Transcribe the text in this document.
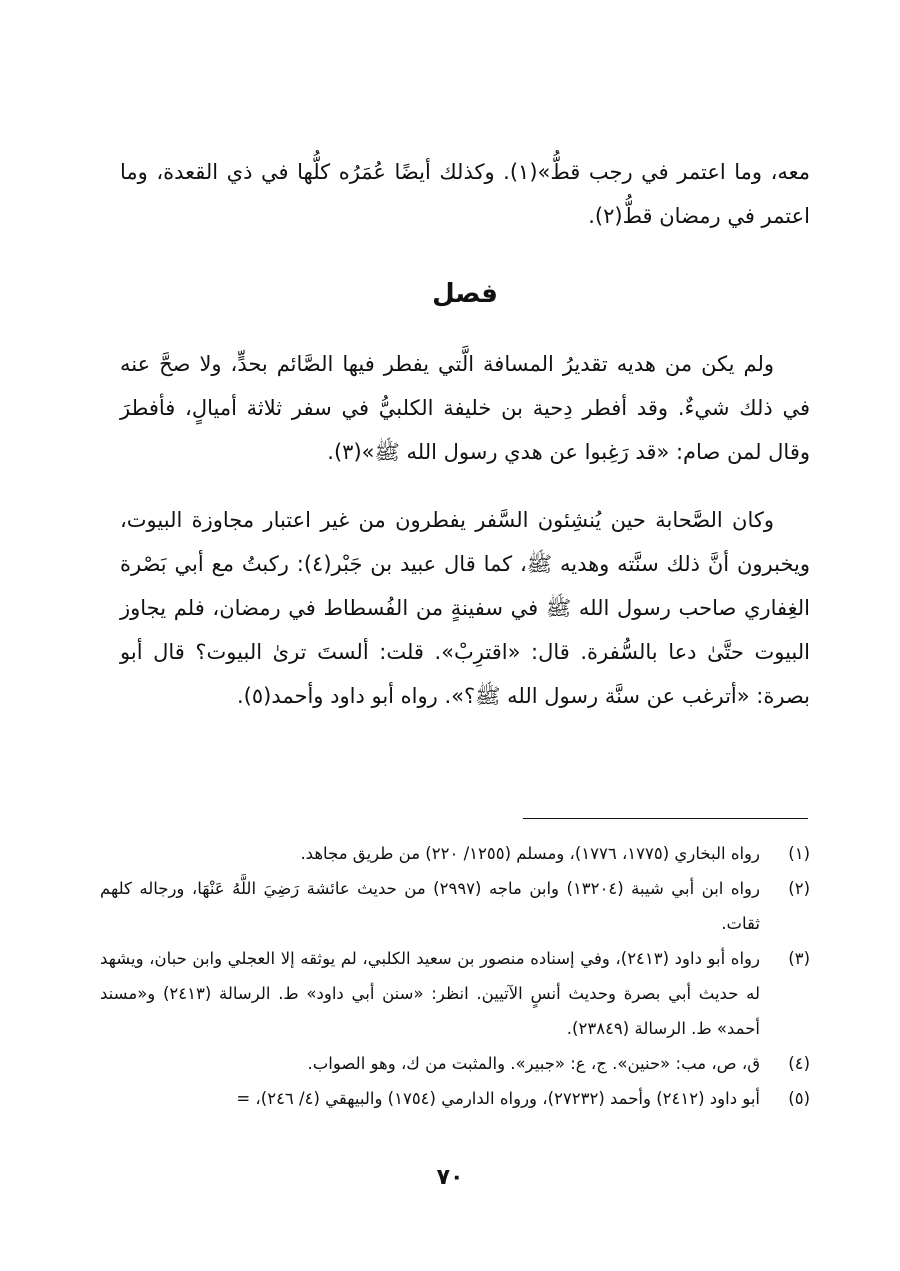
معه، وما اعتمر في رجب قطُّ»(١). وكذلك أيضًا عُمَرُه كلُّها في ذي القعدة، وما اعتمر في رمضان قطُّ(٢).

فصل

ولم يكن من هديه تقديرُ المسافة الَّتي يفطر فيها الصَّائم بحدٍّ، ولا صحَّ عنه في ذلك شيءٌ. وقد أفطر دِحية بن خليفة الكلبيُّ في سفر ثلاثة أميالٍ، فأفطرَ وقال لمن صام: «قد رَغِبوا عن هدي رسول الله ﷺ»(٣).

وكان الصَّحابة حين يُنشِئون السَّفر يفطرون من غير اعتبار مجاوزة البيوت، ويخبرون أنَّ ذلك سنَّته وهديه ﷺ، كما قال عبيد بن جَبْر(٤): ركبتُ مع أبي بَصْرة الغِفاري صاحب رسول الله ﷺ في سفينةٍ من الفُسطاط في رمضان، فلم يجاوز البيوت حتَّىٰ دعا بالسُّفرة. قال: «اقترِبْ». قلت: ألستَ ترىٰ البيوت؟ قال أبو بصرة: «أترغب عن سنَّة رسول الله ﷺ؟». رواه أبو داود وأحمد(٥).

(١)
رواه البخاري (١٧٧٥، ١٧٧٦)، ومسلم (١٢٥٥/ ٢٢٠) من طريق مجاهد.

(٢)
رواه ابن أبي شيبة (١٣٢٠٤) وابن ماجه (٢٩٩٧) من حديث عائشة رَضِيَ اللَّهُ عَنْهَا، ورجاله كلهم ثقات.

(٣)
رواه أبو داود (٢٤١٣)، وفي إسناده منصور بن سعيد الكلبي، لم يوثقه إلا العجلي وابن حبان، ويشهد له حديث أبي بصرة وحديث أنسٍ الآتيين. انظر: «سنن أبي داود» ط. الرسالة (٢٤١٣) و«مسند أحمد» ط. الرسالة (٢٣٨٤٩).

(٤)
ق، ص، مب: «حنين». ج، ع: «جبير». والمثبت من ك، وهو الصواب.

(٥)
أبو داود (٢٤١٢) وأحمد (٢٧٢٣٢)، ورواه الدارمي (١٧٥٤) والبيهقي (٤/ ٢٤٦)، =

٧٠
